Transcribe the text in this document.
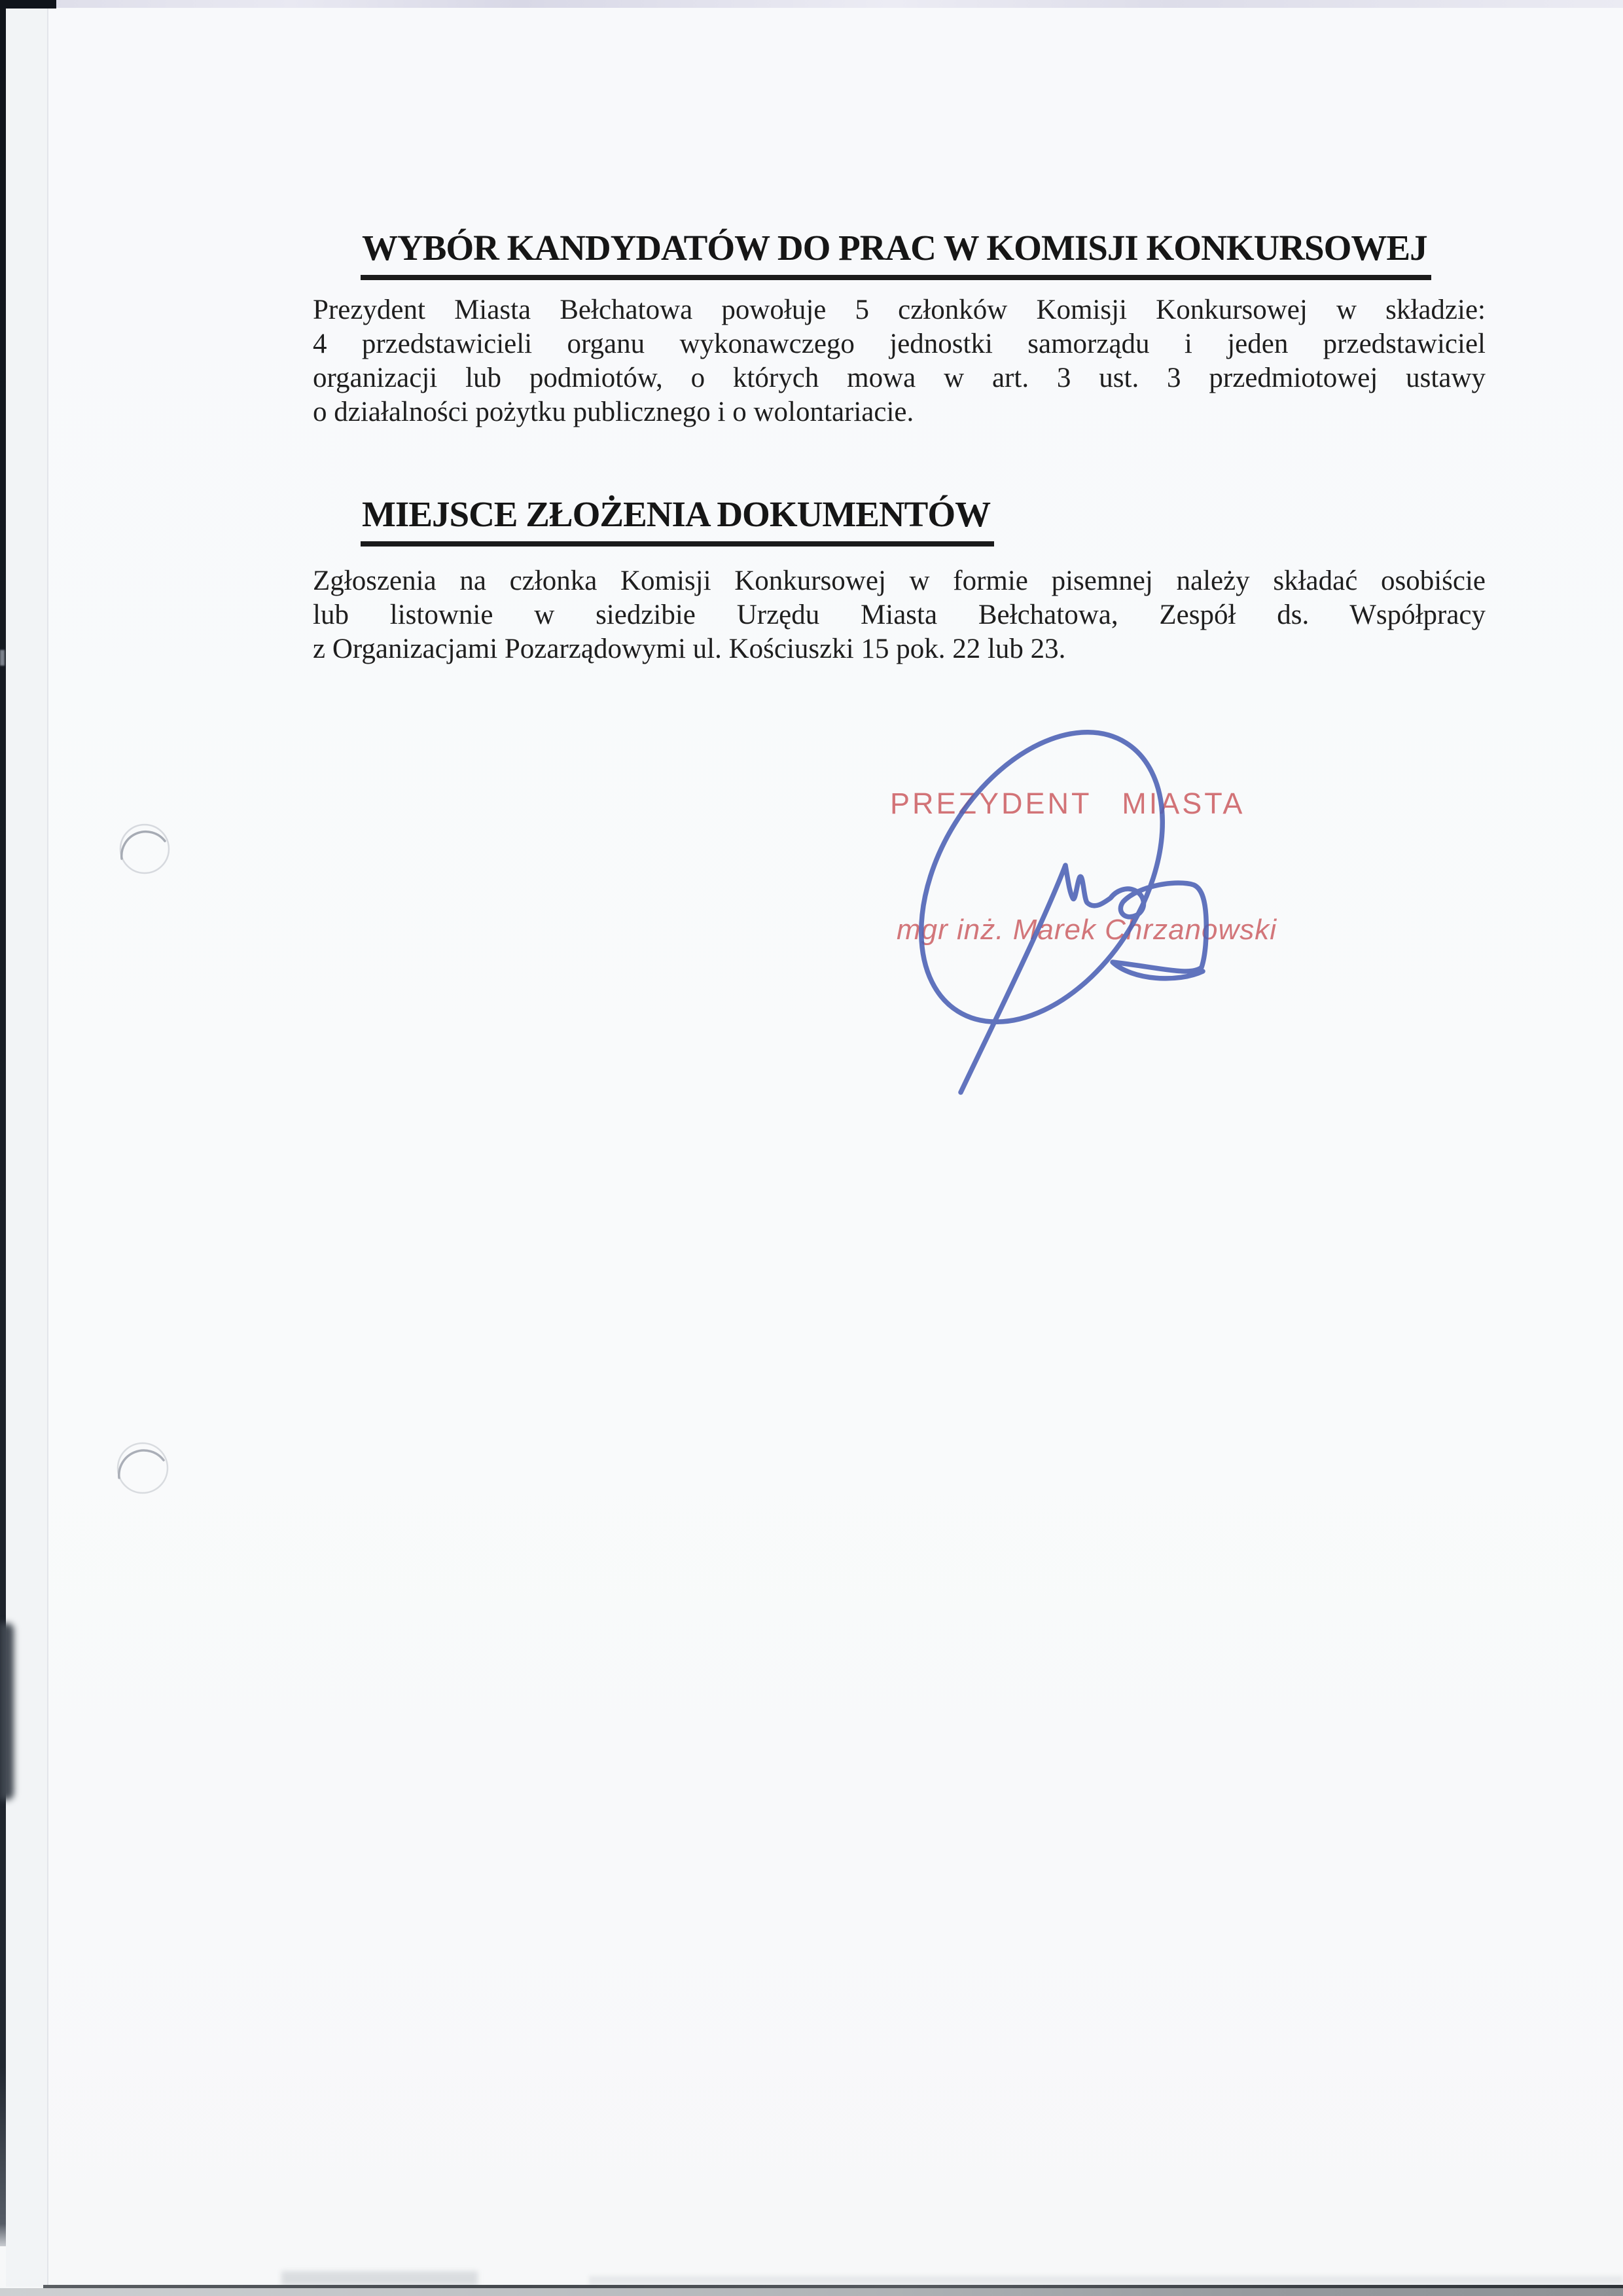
WYBÓR KANDYDATÓW DO PRAC W KOMISJI KONKURSOWEJ
Prezydent Miasta Bełchatowa powołuje 5 członków Komisji Konkursowej w składzie:
4 przedstawicieli organu wykonawczego jednostki samorządu i jeden przedstawiciel
organizacji lub podmiotów, o których mowa w art. 3 ust. 3 przedmiotowej ustawy
o działalności pożytku publicznego i o wolontariacie.
MIEJSCE ZŁOŻENIA DOKUMENTÓW
Zgłoszenia na członka Komisji Konkursowej w formie pisemnej należy składać osobiście
lub listownie w siedzibie Urzędu Miasta Bełchatowa, Zespół ds. Współpracy
z Organizacjami Pozarządowymi ul. Kościuszki 15 pok. 22 lub 23.
PREZYDENT MIASTA
mgr inż. Marek Chrzanowski
